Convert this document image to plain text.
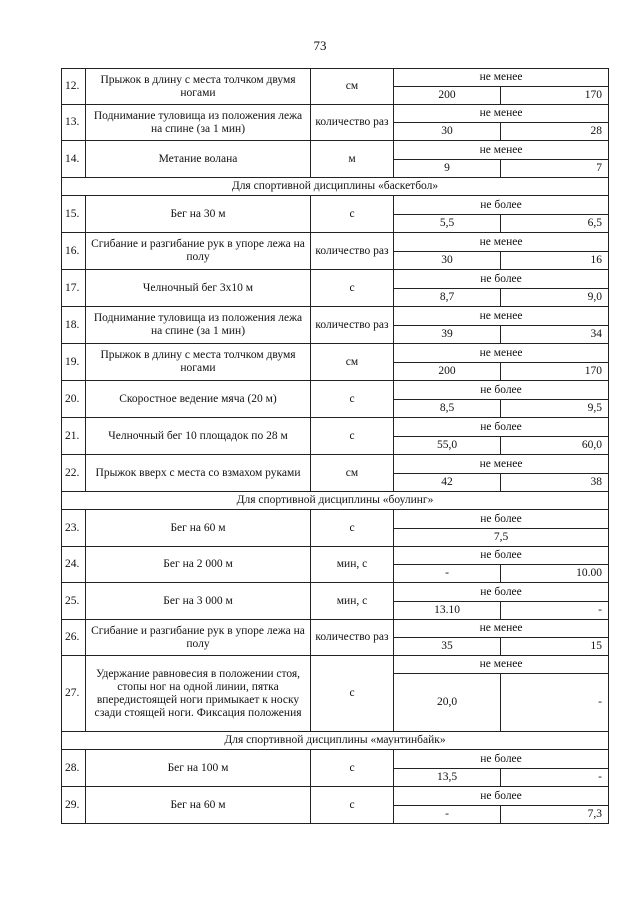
73
12.	Прыжок в длину с места толчком двумя ногами	см	не менее	
			200	170
13.	Поднимание туловища из положения лежа на спине (за 1 мин)	количество раз	не менее	
			30	28
14.	Метание волана	м	не менее	
			9	7
Для спортивной дисциплины «баскетбол»				
15.	Бег на 30 м	с	не более	
			5,5	6,5
16.	Сгибание и разгибание рук в упоре лежа на полу	количество раз	не менее	
			30	16
17.	Челночный бег 3х10 м	с	не более	
			8,7	9,0
18.	Поднимание туловища из положения лежа на спине (за 1 мин)	количество раз	не менее	
			39	34
19.	Прыжок в длину с места толчком двумя ногами	см	не менее	
			200	170
20.	Скоростное ведение мяча (20 м)	с	не более	
			8,5	9,5
21.	Челночный бег 10 площадок по 28 м	с	не более	
			55,0	60,0
22.	Прыжок вверх с места со взмахом руками	см	не менее	
			42	38
Для спортивной дисциплины «боулинг»				
23.	Бег на 60 м	с	не более	
			7,5	
24.	Бег на 2 000 м	мин, с	не более	
			-	10.00
25.	Бег на 3 000 м	мин, с	не более	
			13.10	-
26.	Сгибание и разгибание рук в упоре лежа на полу	количество раз	не менее	
			35	15
27.	Удержание равновесия в положении стоя, стопы ног на одной линии, пятка впередистоящей ноги примыкает к носку сзади стоящей ноги. Фиксация положения	с	не менее	
			20,0	-
Для спортивной дисциплины «маунтинбайк»				
28.	Бег на 100 м	с	не более	
			13,5	-
29.	Бег на 60 м	с	не более	
			-	7,3
